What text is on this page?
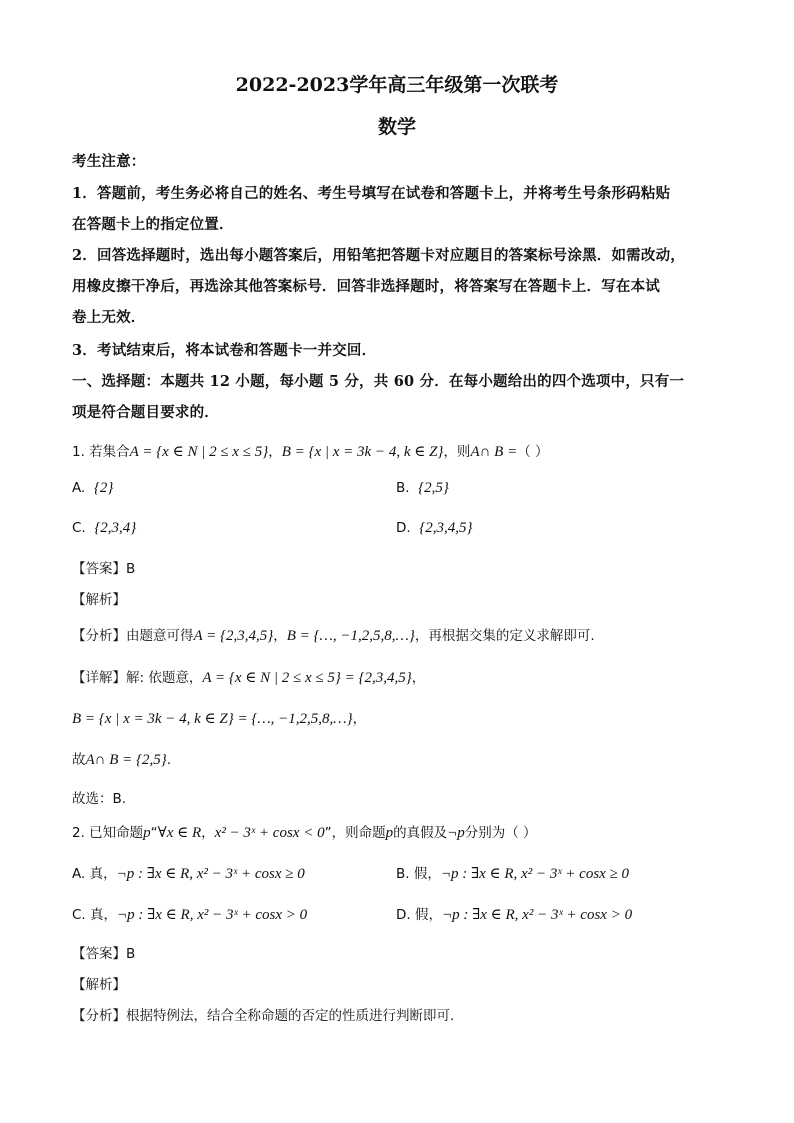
2022-2023学年高三年级第一次联考
数学
考生注意：
1．答题前，考生务必将自己的姓名、考生号填写在试卷和答题卡上，并将考生号条形码粘贴
在答题卡上的指定位置．
2．回答选择题时，选出每小题答案后，用铅笔把答题卡对应题目的答案标号涂黑．如需改动，
用橡皮擦干净后，再选涂其他答案标号．回答非选择题时，将答案写在答题卡上．写在本试
卷上无效．
3．考试结束后，将本试卷和答题卡一并交回．
一、选择题：本题共 12 小题，每小题 5 分，共 60 分．在每小题给出的四个选项中，只有一
项是符合题目要求的．
1. 若集合A = {x ∈ N | 2 ≤ x ≤ 5}，B = {x | x = 3k − 4, k ∈ Z}，则A∩ B =（ ）
A. {2}	B. {2,5}
C. {2,3,4}	D. {2,3,4,5}
【答案】B
【解析】
【分析】由题意可得A = {2,3,4,5}，B = {…, −1,2,5,8,…}，再根据交集的定义求解即可.
【详解】解: 依题意，A = {x ∈ N | 2 ≤ x ≤ 5} = {2,3,4,5}，
B = {x | x = 3k − 4, k ∈ Z} = {…, −1,2,5,8,…}，
故A∩ B = {2,5}.
故选：B.
2. 已知命题p“∀x ∈ R，x² − 3ˣ + cosx < 0”，则命题p的真假及¬p分别为（ ）
A. 真，¬p : ∃x ∈ R, x² − 3ˣ + cosx ≥ 0	B. 假，¬p : ∃x ∈ R, x² − 3ˣ + cosx ≥ 0
C. 真，¬p : ∃x ∈ R, x² − 3ˣ + cosx > 0	D. 假，¬p : ∃x ∈ R, x² − 3ˣ + cosx > 0
【答案】B
【解析】
【分析】根据特例法，结合全称命题的否定的性质进行判断即可.
